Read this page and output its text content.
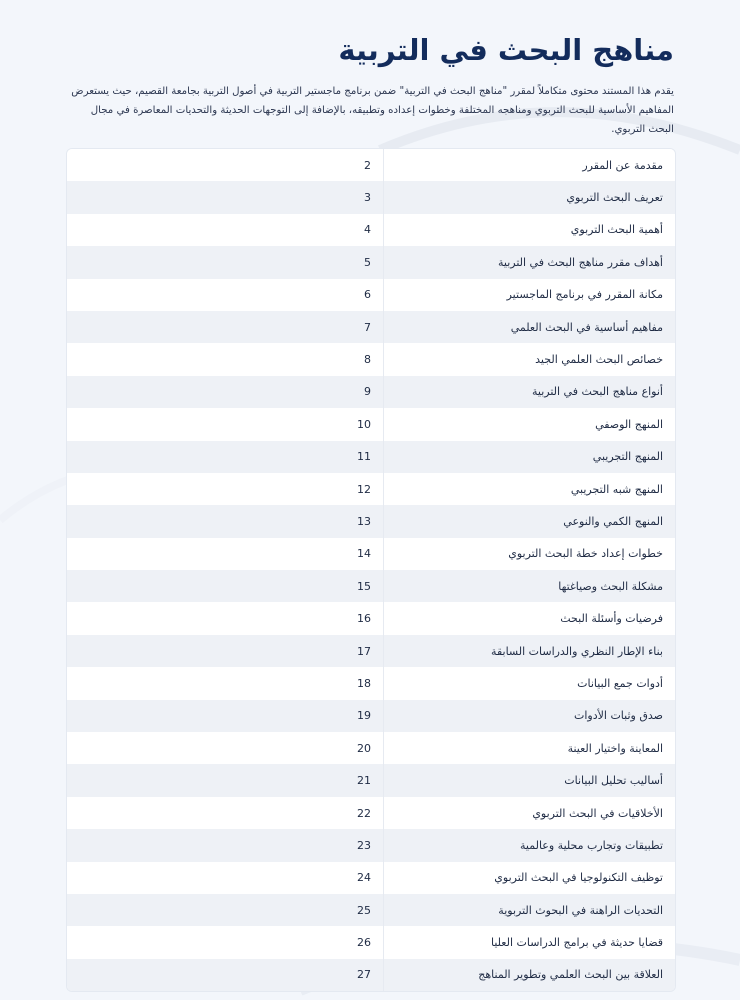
مناهج البحث في التربية

يقدم هذا المستند محتوى متكاملاً لمقرر "مناهج البحث في التربية" ضمن برنامج ماجستير التربية في أصول التربية بجامعة القصيم، حيث يستعرض المفاهيم الأساسية للبحث التربوي ومناهجه المختلفة وخطوات إعداده وتطبيقه، بالإضافة إلى التوجهات الحديثة والتحديات المعاصرة في مجال البحث التربوي.

مقدمة عن المقرر
2
تعريف البحث التربوي
3
أهمية البحث التربوي
4
أهداف مقرر مناهج البحث في التربية
5
مكانة المقرر في برنامج الماجستير
6
مفاهيم أساسية في البحث العلمي
7
خصائص البحث العلمي الجيد
8
أنواع مناهج البحث في التربية
9
المنهج الوصفي
10
المنهج التجريبي
11
المنهج شبه التجريبي
12
المنهج الكمي والنوعي
13
خطوات إعداد خطة البحث التربوي
14
مشكلة البحث وصياغتها
15
فرضيات وأسئلة البحث
16
بناء الإطار النظري والدراسات السابقة
17
أدوات جمع البيانات
18
صدق وثبات الأدوات
19
المعاينة واختيار العينة
20
أساليب تحليل البيانات
21
الأخلاقيات في البحث التربوي
22
تطبيقات وتجارب محلية وعالمية
23
توظيف التكنولوجيا في البحث التربوي
24
التحديات الراهنة في البحوث التربوية
25
قضايا حديثة في برامج الدراسات العليا
26
العلاقة بين البحث العلمي وتطوير المناهج
27
